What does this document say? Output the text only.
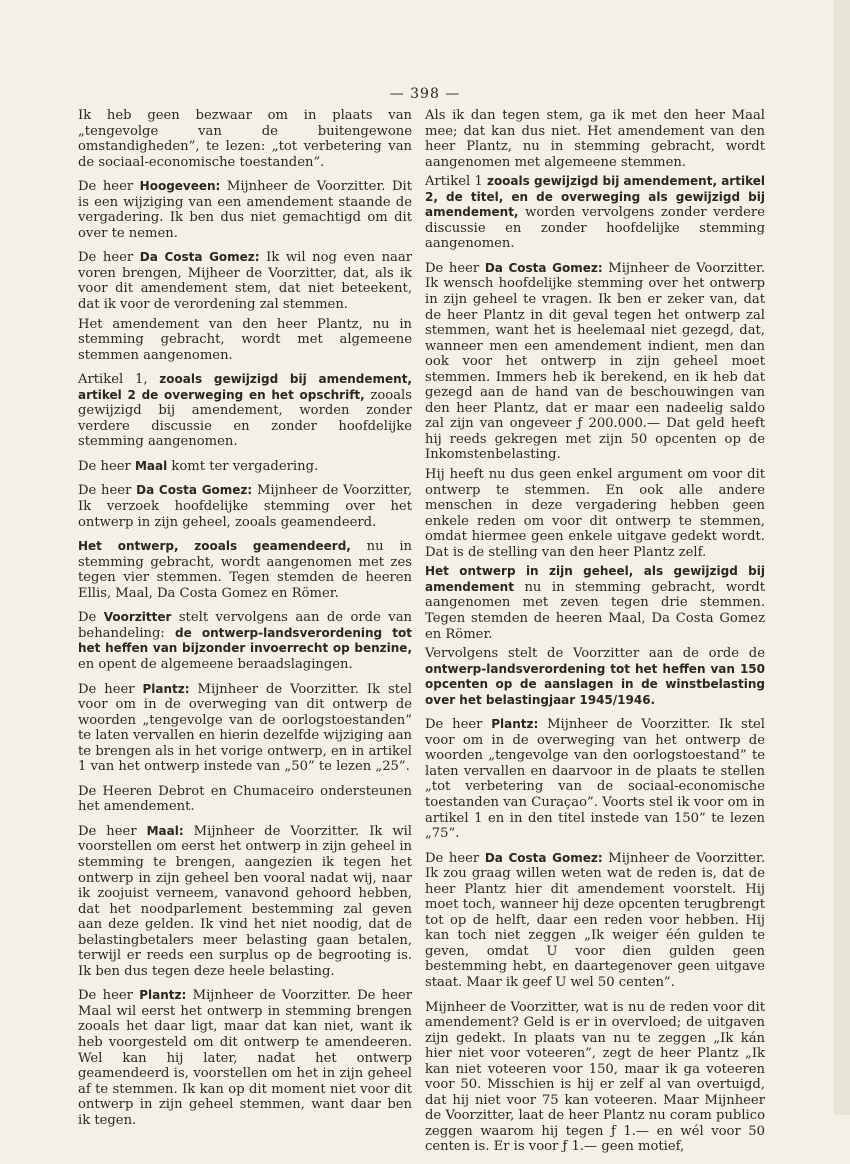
— 398 —

Ik heb geen bezwaar om in plaats van „tengevolge van de buitengewone omstandigheden”, te lezen: „tot verbetering van de sociaal-economische toestanden”.

De heer Hoogeveen: Mijnheer de Voorzitter. Dit is een wijziging van een amendement staande de vergadering. Ik ben dus niet gemachtigd om dit over te nemen.

De heer Da Costa Gomez: Ik wil nog even naar voren brengen, Mijheer de Voorzitter, dat, als ik voor dit amendement stem, dat niet beteekent, dat ik voor de verordening zal stemmen.

Het amendement van den heer Plantz, nu in stemming gebracht, wordt met algemeene stemmen aangenomen.

Artikel 1, zooals gewijzigd bij amendement, artikel 2 de overweging en het opschrift, zooals gewijzigd bij amendement, worden zonder verdere discussie en zonder hoofdelijke stemming aangenomen.

De heer Maal komt ter vergadering.

De heer Da Costa Gomez: Mijnheer de Voorzitter, Ik verzoek hoofdelijke stemming over het ontwerp in zijn geheel, zooals geamendeerd.

Het ontwerp, zooals geamendeerd, nu in stemming gebracht, wordt aangenomen met zes tegen vier stemmen. Tegen stemden de heeren Ellis, Maal, Da Costa Gomez en Römer.

De Voorzitter stelt vervolgens aan de orde van behandeling: de ontwerp-landsverordening tot het heffen van bijzonder invoerrecht op benzine, en opent de algemeene beraadslagingen.

De heer Plantz: Mijnheer de Voorzitter. Ik stel voor om in de overweging van dit ontwerp de woorden „tengevolge van de oorlogstoestanden” te laten vervallen en hierin dezelfde wijziging aan te brengen als in het vorige ontwerp, en in artikel 1 van het ontwerp instede van „50” te lezen „25”.

De Heeren Debrot en Chumaceiro ondersteunen het amendement.

De heer Maal: Mijnheer de Voorzitter. Ik wil voorstellen om eerst het ontwerp in zijn geheel in stemming te brengen, aangezien ik tegen het ontwerp in zijn geheel ben vooral nadat wij, naar ik zoojuist verneem, vanavond gehoord hebben, dat het noodparlement bestemming zal geven aan deze gelden. Ik vind het niet noodig, dat de belastingbetalers meer belasting gaan betalen, terwijl er reeds een surplus op de begrooting is. Ik ben dus tegen deze heele belasting.

De heer Plantz: Mijnheer de Voorzitter. De heer Maal wil eerst het ontwerp in stemming brengen zooals het daar ligt, maar dat kan niet, want ik heb voorgesteld om dit ontwerp te amendeeren. Wel kan hij later, nadat het ontwerp geamendeerd is, voorstellen om het in zijn geheel af te stemmen. Ik kan op dit moment niet voor dit ontwerp in zijn geheel stemmen, want daar ben ik tegen.

Als ik dan tegen stem, ga ik met den heer Maal mee; dat kan dus niet. Het amendement van den heer Plantz, nu in stemming gebracht, wordt aangenomen met algemeene stemmen.

Artikel 1 zooals gewijzigd bij amendement, artikel 2, de titel, en de overweging als gewijzigd bij amendement, worden vervolgens zonder verdere discussie en zonder hoofdelijke stemming aangenomen.

De heer Da Costa Gomez: Mijnheer de Voorzitter. Ik wensch hoofdelijke stemming over het ontwerp in zijn geheel te vragen. Ik ben er zeker van, dat de heer Plantz in dit geval tegen het ontwerp zal stemmen, want het is heelemaal niet gezegd, dat, wanneer men een amendement indient, men dan ook voor het ontwerp in zijn geheel moet stemmen. Immers heb ik berekend, en ik heb dat gezegd aan de hand van de beschouwingen van den heer Plantz, dat er maar een nadeelig saldo zal zijn van ongeveer ƒ 200.000.— Dat geld heeft hij reeds gekregen met zijn 50 opcenten op de Inkomstenbelasting.

Hij heeft nu dus geen enkel argument om voor dit ontwerp te stemmen. En ook alle andere menschen in deze vergadering hebben geen enkele reden om voor dit ontwerp te stemmen, omdat hiermee geen enkele uitgave gedekt wordt. Dat is de stelling van den heer Plantz zelf.

Het ontwerp in zijn geheel, als gewijzigd bij amendement nu in stemming gebracht, wordt aangenomen met zeven tegen drie stemmen. Tegen stemden de heeren Maal, Da Costa Gomez en Römer.

Vervolgens stelt de Voorzitter aan de orde de ontwerp-landsverordening tot het heffen van 150 opcenten op de aanslagen in de winstbelasting over het belastingjaar 1945/1946.

De heer Plantz: Mijnheer de Voorzitter. Ik stel voor om in de overweging van het ontwerp de woorden „tengevolge van den oorlogstoestand” te laten vervallen en daarvoor in de plaats te stellen „tot verbetering van de sociaal-economische toestanden van Curaçao”. Voorts stel ik voor om in artikel 1 en in den titel instede van 150” te lezen „75”.

De heer Da Costa Gomez: Mijnheer de Voorzitter. Ik zou graag willen weten wat de reden is, dat de heer Plantz hier dit amendement voorstelt. Hij moet toch, wanneer hij deze opcenten terugbrengt tot op de helft, daar een reden voor hebben. Hij kan toch niet zeggen „Ik weiger één gulden te geven, omdat U voor dien gulden geen bestemming hebt, en daartegenover geen uitgave staat. Maar ik geef U wel 50 centen”.

Mijnheer de Voorzitter, wat is nu de reden voor dit amendement? Geld is er in overvloed; de uitgaven zijn gedekt. In plaats van nu te zeggen „Ik kán hier niet voor voteeren”, zegt de heer Plantz „Ik kan niet voteeren voor 150, maar ik ga voteeren voor 50. Misschien is hij er zelf al van overtuigd, dat hij niet voor 75 kan voteeren. Maar Mijnheer de Voorzitter, laat de heer Plantz nu coram publico zeggen waarom hij tegen ƒ 1.— en wél voor 50 centen is. Er is voor ƒ 1.— geen motief,
